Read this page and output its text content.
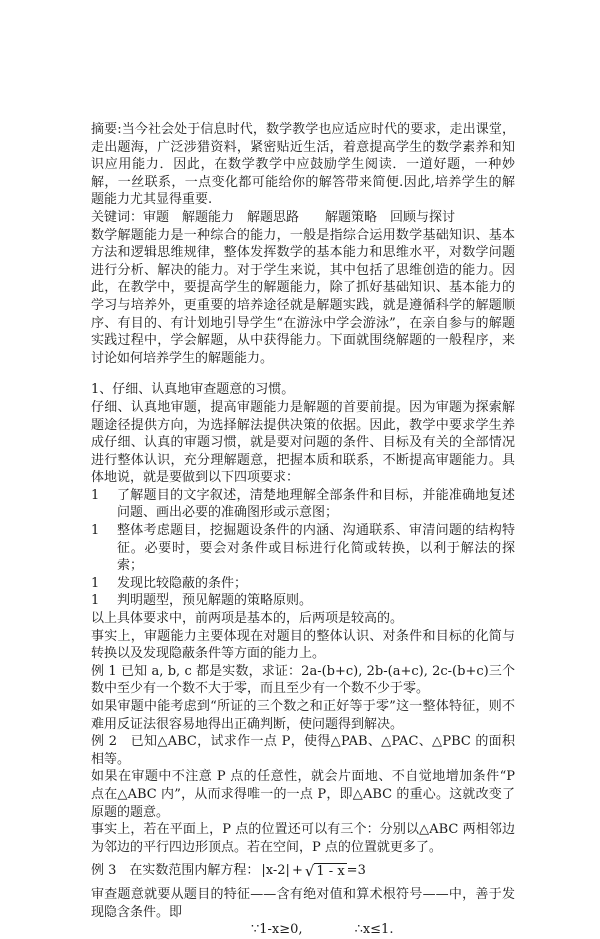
摘要:当今社会处于信息时代，数学教学也应适应时代的要求，走出课堂，走出题海，广泛涉猎资料，紧密贴近生活，着意提高学生的数学素养和知识应用能力．因此，在数学教学中应鼓励学生阅读．一道好题，一种妙解，一丝联系，一点变化都可能给你的解答带来简便.因此,培养学生的解题能力尤其显得重要.

关键词：审题　解题能力　解题思路　　解题策略　回顾与探讨

数学解题能力是一种综合的能力，一般是指综合运用数学基础知识、基本方法和逻辑思维规律，整体发挥数学的基本能力和思维水平，对数学问题进行分析、解决的能力。对于学生来说，其中包括了思维创造的能力。因此，在教学中，要提高学生的解题能力，除了抓好基础知识、基本能力的学习与培养外，更重要的培养途径就是解题实践，就是遵循科学的解题顺序、有目的、有计划地引导学生“在游泳中学会游泳”，在亲自参与的解题实践过程中，学会解题，从中获得能力。下面就围绕解题的一般程序，来讨论如何培养学生的解题能力。

1、仔细、认真地审查题意的习惯。

仔细、认真地审题，提高审题能力是解题的首要前提。因为审题为探索解题途径提供方向，为选择解法提供决策的依据。因此，教学中要求学生养成仔细、认真的审题习惯，就是要对问题的条件、目标及有关的全部情况进行整体认识，充分理解题意，把握本质和联系，不断提高审题能力。具体地说，就是要做到以下四项要求：

1	了解题目的文字叙述，清楚地理解全部条件和目标，并能准确地复述问题、画出必要的准确图形或示意图；
1	整体考虑题目，挖掘题设条件的内涵、沟通联系、审清问题的结构特征。必要时，要会对条件或目标进行化简或转换，以利于解法的探索；
1	发现比较隐蔽的条件；
1	判明题型，预见解题的策略原则。

以上具体要求中，前两项是基本的，后两项是较高的。

事实上，审题能力主要体现在对题目的整体认识、对条件和目标的化简与转换以及发现隐蔽条件等方面的能力上。

例 1 已知 a, b, c 都是实数，求证：2a-(b+c), 2b-(a+c), 2c-(b+c)三个数中至少有一个数不大于零，而且至少有一个数不少于零。

如果审题中能考虑到“所证的三个数之和正好等于零”这一整体特征，则不难用反证法很容易地得出正确判断，使问题得到解决。

例 2　已知△ABC，试求作一点 P，使得△PAB、△PAC、△PBC 的面积相等。

如果在审题中不注意 P 点的任意性，就会片面地、不自觉地增加条件“P 点在△ABC 内”，从而求得唯一的一点 P，即△ABC 的重心。这就改变了原题的题意。

事实上，若在平面上，P 点的位置还可以有三个：分别以△ABC 两相邻边为邻边的平行四边形顶点。若在空间，P 点的位置就更多了。

例 3　在实数范围内解方程： |x-2| + √ 1 - x =3

审查题意就要从题目的特征——含有绝对值和算术根符号——中，善于发现隐含条件。即

∵1-x≥0,	∴x≤1.
